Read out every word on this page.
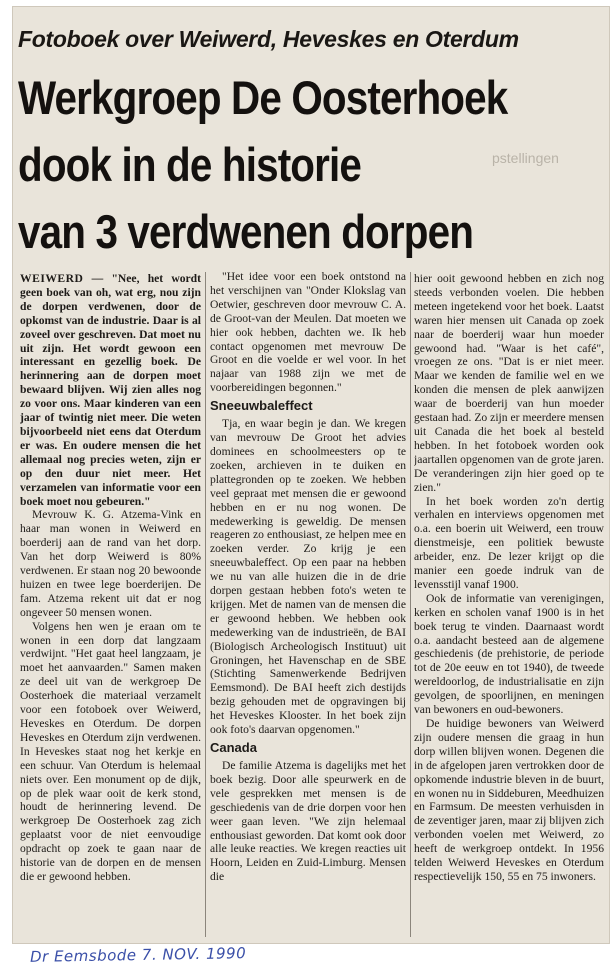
pstellingen
Fotoboek over Weiwerd, Heveskes en Oterdum
Werkgroep De Oosterhoek
dook in de historie
van 3 verdwenen dorpen

WEIWERD — "Nee, het wordt geen boek van oh, wat erg, nou zijn de dorpen verdwenen, door de opkomst van de industrie. Daar is al zoveel over geschreven. Dat moet nu uit zijn. Het wordt gewoon een interessant en gezellig boek. De herinnering aan de dorpen moet bewaard blijven. Wij zien alles nog zo voor ons. Maar kinderen van een jaar of twintig niet meer. Die weten bijvoorbeeld niet eens dat Oterdum er was. En oudere mensen die het allemaal nog precies weten, zijn er op den duur niet meer. Het verzamelen van informatie voor een boek moet nou gebeuren."

Mevrouw K. G. Atzema-Vink en haar man wonen in Weiwerd en boerderij aan de rand van het dorp. Van het dorp Weiwerd is 80% verdwenen. Er staan nog 20 bewoonde huizen en twee lege boerderijen. De fam. Atzema rekent uit dat er nog ongeveer 50 mensen wonen.

Volgens hen wen je eraan om te wonen in een dorp dat langzaam verdwijnt. "Het gaat heel langzaam, je moet het aanvaarden." Samen maken ze deel uit van de werkgroep De Oosterhoek die materiaal verzamelt voor een fotoboek over Weiwerd, Heveskes en Oterdum. De dorpen Heveskes en Oterdum zijn verdwenen. In Heveskes staat nog het kerkje en een schuur. Van Oterdum is helemaal niets over. Een monument op de dijk, op de plek waar ooit de kerk stond, houdt de herinnering levend. De werkgroep De Oosterhoek zag zich geplaatst voor de niet eenvoudige opdracht op zoek te gaan naar de historie van de dorpen en de mensen die er gewoond hebben.

"Het idee voor een boek ontstond na het verschijnen van "Onder Klokslag van Oetwier, geschreven door mevrouw C. A. de Groot-van der Meulen. Dat moeten we hier ook hebben, dachten we. Ik heb contact opgenomen met mevrouw De Groot en die voelde er wel voor. In het najaar van 1988 zijn we met de voorbereidingen begonnen."

Sneeuwbaleffect

Tja, en waar begin je dan. We kregen van mevrouw De Groot het advies dominees en schoolmeesters op te zoeken, archieven in te duiken en plattegronden op te zoeken. We hebben veel gepraat met mensen die er gewoond hebben en er nu nog wonen. De medewerking is geweldig. De mensen reageren zo enthousiast, ze helpen mee en zoeken verder. Zo krijg je een sneeuwbaleffect. Op een paar na hebben we nu van alle huizen die in de drie dorpen gestaan hebben foto's weten te krijgen. Met de namen van de mensen die er gewoond hebben. We hebben ook medewerking van de industrieën, de BAI (Biologisch Archeologisch Instituut) uit Groningen, het Havenschap en de SBE (Stichting Samenwerkende Bedrijven Eemsmond). De BAI heeft zich destijds bezig gehouden met de opgravingen bij het Heveskes Klooster. In het boek zijn ook foto's daarvan opgenomen."

Canada

De familie Atzema is dagelijks met het boek bezig. Door alle speurwerk en de vele gesprekken met mensen is de geschiedenis van de drie dorpen voor hen weer gaan leven. "We zijn helemaal enthousiast geworden. Dat komt ook door alle leuke reacties. We kregen reacties uit Hoorn, Leiden en Zuid-Limburg. Mensen die

hier ooit gewoond hebben en zich nog steeds verbonden voelen. Die hebben meteen ingetekend voor het boek. Laatst waren hier mensen uit Canada op zoek naar de boerderij waar hun moeder gewoond had. "Waar is het café", vroegen ze ons. "Dat is er niet meer. Maar we kenden de familie wel en we konden die mensen de plek aanwijzen waar de boerderij van hun moeder gestaan had. Zo zijn er meerdere mensen uit Canada die het boek al besteld hebben. In het fotoboek worden ook jaartallen opgenomen van de grote jaren. De veranderingen zijn hier goed op te zien."

In het boek worden zo'n dertig verhalen en interviews opgenomen met o.a. een boerin uit Weiwerd, een trouw dienstmeisje, een politiek bewuste arbeider, enz. De lezer krijgt op die manier een goede indruk van de levensstijl vanaf 1900.

Ook de informatie van verenigingen, kerken en scholen vanaf 1900 is in het boek terug te vinden. Daarnaast wordt o.a. aandacht besteed aan de algemene geschiedenis (de prehistorie, de periode tot de 20e eeuw en tot 1940), de tweede wereldoorlog, de industrialisatie en zijn gevolgen, de spoorlijnen, en meningen van bewoners en oud-bewoners.

De huidige bewoners van Weiwerd zijn oudere mensen die graag in hun dorp willen blijven wonen. Degenen die in de afgelopen jaren vertrokken door de opkomende industrie bleven in de buurt, en wonen nu in Siddeburen, Meedhuizen en Farmsum. De meesten verhuisden in de zeventiger jaren, maar zij blijven zich verbonden voelen met Weiwerd, zo heeft de werkgroep ontdekt. In 1956 telden Weiwerd Heveskes en Oterdum respectievelijk 150, 55 en 75 inwoners.

Dr Eemsbode 7. NOV. 1990
